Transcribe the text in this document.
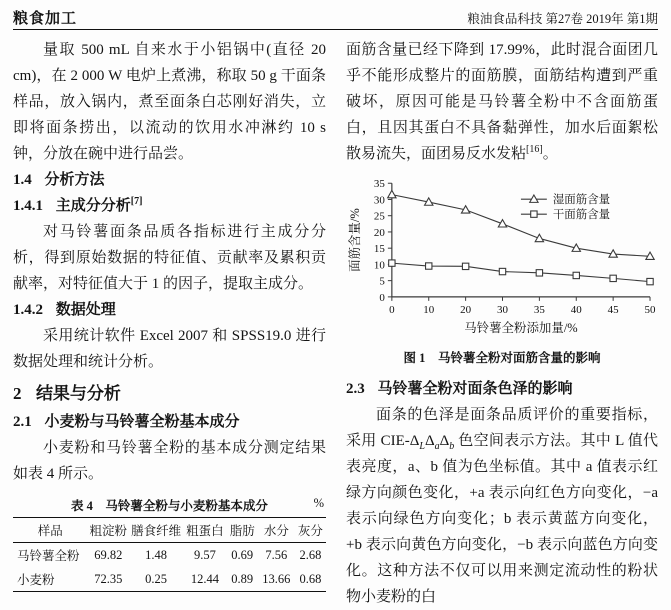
粮食加工	粮油食品科技 第27卷 2019年 第1期

量取 500 mL 自来水于小铝锅中(直径 20 cm)，在 2 000 W 电炉上煮沸，称取 50 g 干面条样品，放入锅内，煮至面条白芯刚好消失，立即将面条捞出，以流动的饮用水冲淋约 10 s 钟，分放在碗中进行品尝。

1.4 分析方法
1.4.1 主成分分析[7]

对马铃薯面条品质各指标进行主成分分析，得到原始数据的特征值、贡献率及累积贡献率，对特征值大于 1 的因子，提取主成分。

1.4.2 数据处理

采用统计软件 Excel 2007 和 SPSS19.0 进行数据处理和统计分析。

2 结果与分析
2.1 小麦粉与马铃薯全粉基本成分

小麦粉和马铃薯全粉的基本成分测定结果如表 4 所示。

表 4　马铃薯全粉与小麦粉基本成分	%
样品	粗淀粉	膳食纤维	粗蛋白	脂肪	水分	灰分
马铃薯全粉	69.82	1.48	9.57	0.69	7.56	2.68
小麦粉	72.35	0.25	12.44	0.89	13.66	0.68

面筋含量已经下降到 17.99%，此时混合面团几乎不能形成整片的面筋膜，面筋结构遭到严重破坏，原因可能是马铃薯全粉中不含面筋蛋白，且因其蛋白不具备黏弹性，加水后面絮松散易流失，面团易反水发粘[16]。

0
5
10
15
20
25
30
35
0	10 20 30 35 40 45 50
马铃薯全粉添加量/%
面筋含量/%
湿面筋含量
干面筋含量
图 1　 马铃薯全粉对面筋含量的影响
2.3 马铃薯全粉对面条色泽的影响

面条的色泽是面条品质评价的重要指标，采用 CIE-$\Delta_L\Delta_a\Delta_b$ 色空间表示方法。其中 L 值代表亮度，a、b 值为色坐标值。其中 a 值表示红绿方向颜色变化，+a 表示向红色方向变化，−a 表示向绿色方向变化；b 表示黄蓝方向变化，+b 表示向黄色方向变化，−b 表示向蓝色方向变化。这种方法不仅可以用来测定流动性的粉状物小麦粉的白
